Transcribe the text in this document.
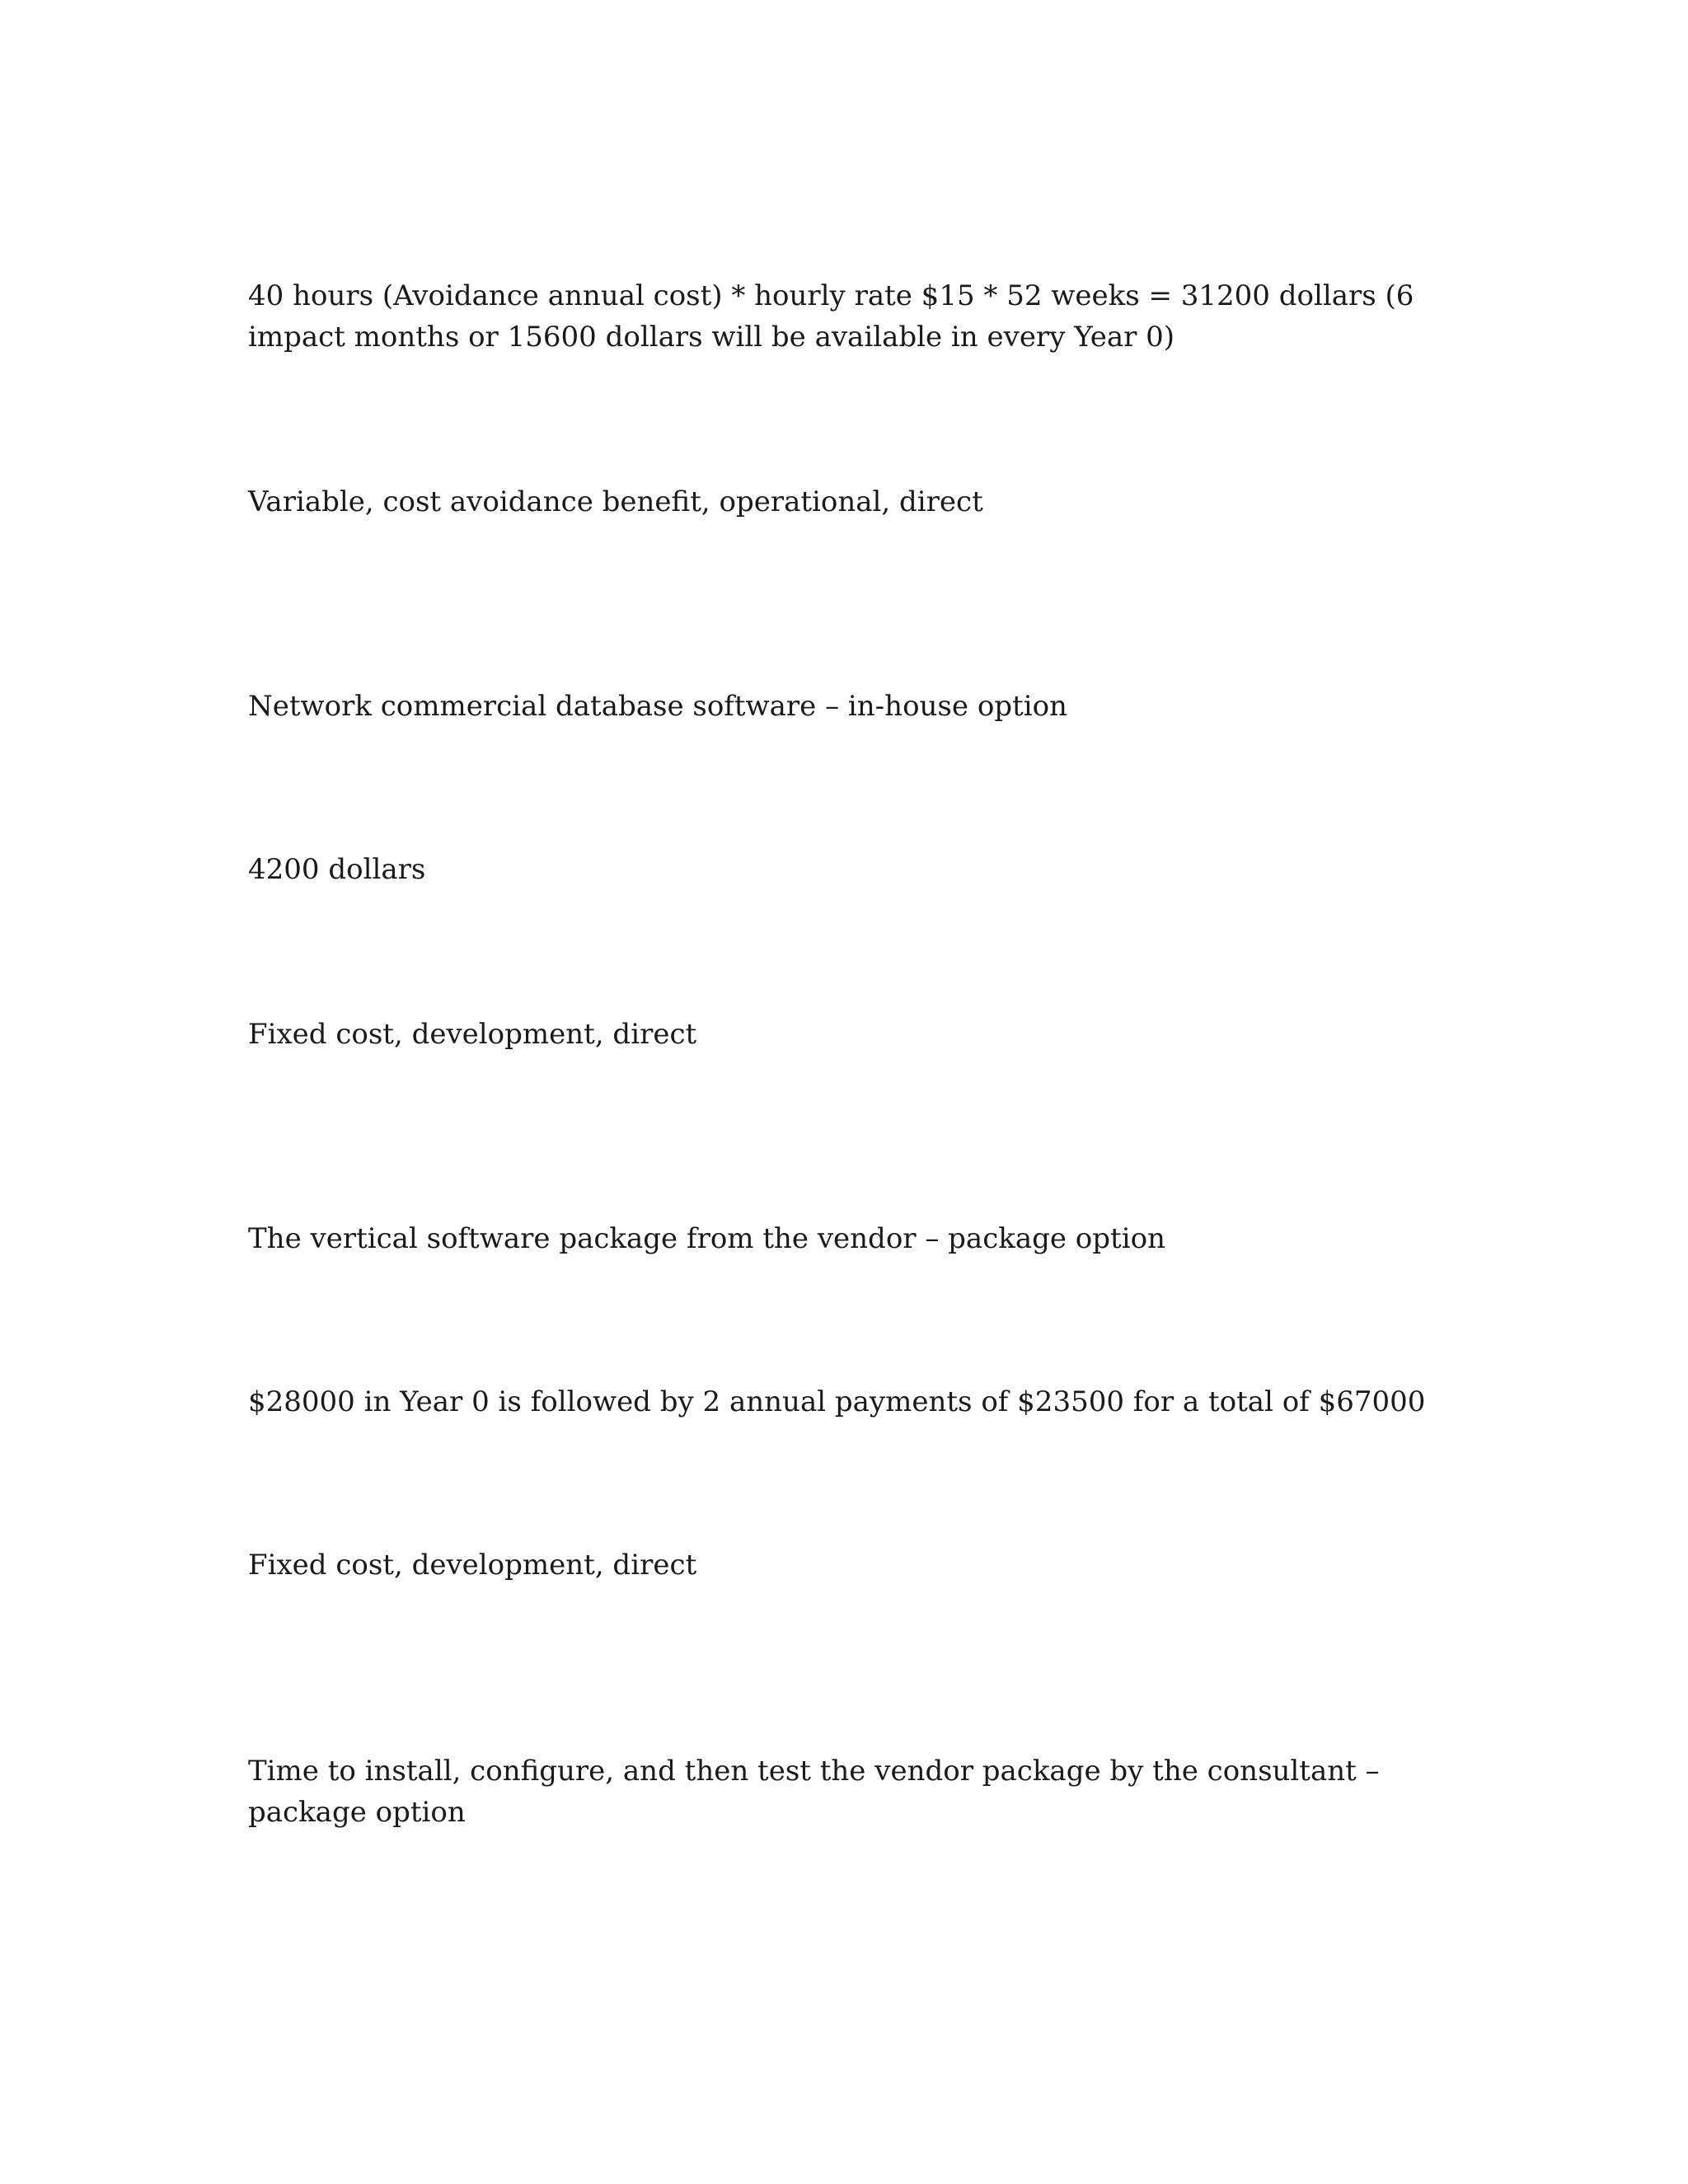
40 hours (Avoidance annual cost) * hourly rate $15 * 52 weeks = 31200 dollars (6 impact months or 15600 dollars will be available in every Year 0)

Variable, cost avoidance benefit, operational, direct

Network commercial database software – in-house option

4200 dollars

Fixed cost, development, direct

The vertical software package from the vendor – package option

$28000 in Year 0 is followed by 2 annual payments of $23500 for a total of $67000

Fixed cost, development, direct

Time to install, configure, and then test the vendor package by the consultant – package option
